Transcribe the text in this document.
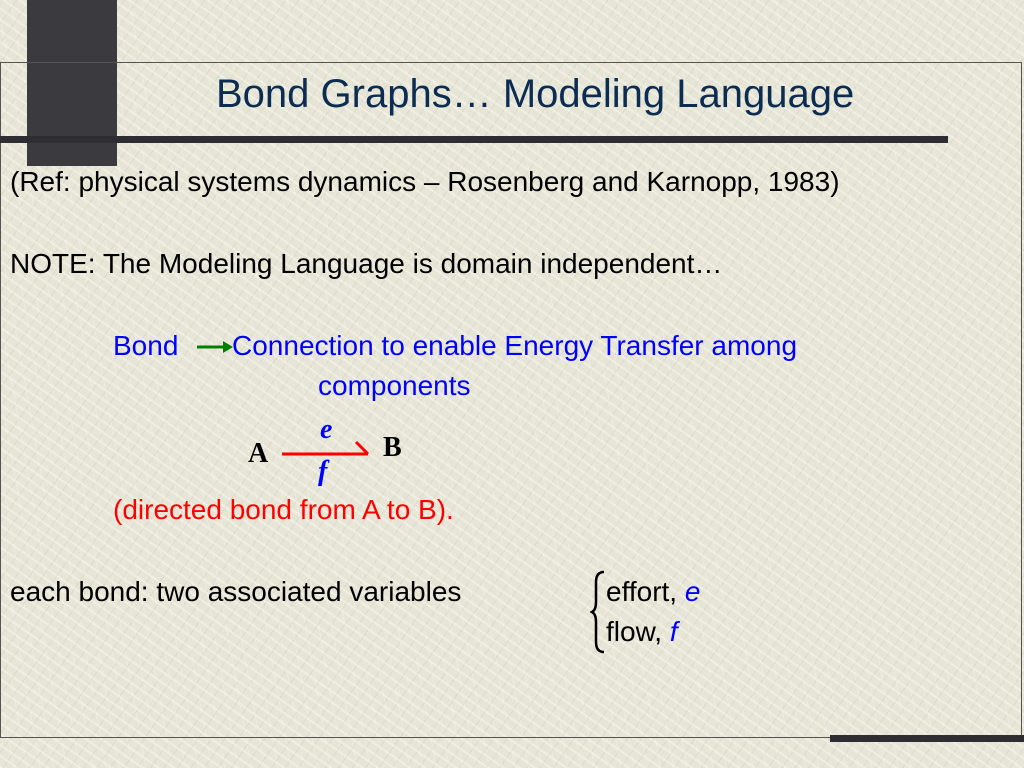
Bond Graphs… Modeling Language
(Ref: physical systems dynamics – Rosenberg and Karnopp, 1983)
NOTE: The Modeling Language is domain independent…
Bond Connection to enable Energy Transfer among
components
A	B
e
f
(directed bond from A to B).
each bond: two associated variables	effort, e
flow, f
